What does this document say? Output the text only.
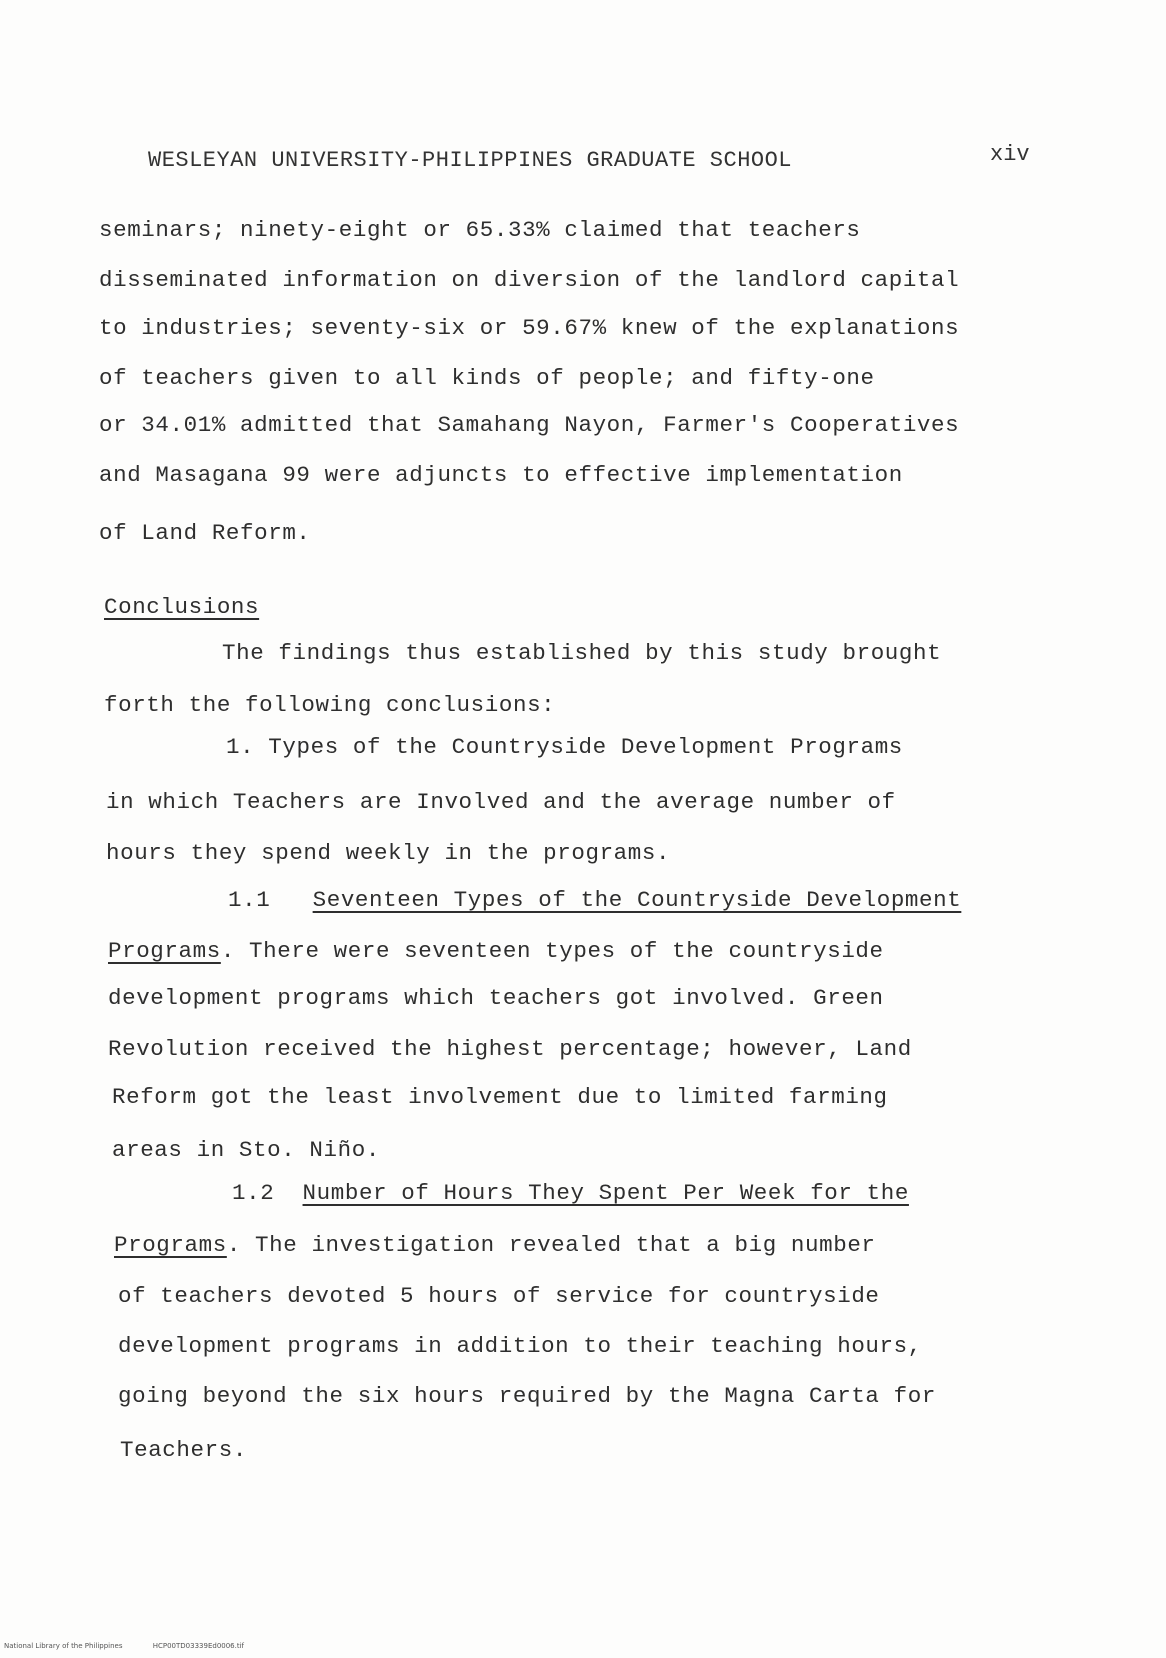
WESLEYAN UNIVERSITY-PHILIPPINES GRADUATE SCHOOL	xiv
seminars; ninety-eight or 65.33% claimed that teachers
disseminated information on diversion of the landlord capital
to industries; seventy-six or 59.67% knew of the explanations
of teachers given to all kinds of people; and fifty-one
or 34.01% admitted that Samahang Nayon, Farmer's Cooperatives
and Masagana 99 were adjuncts to effective implementation
of Land Reform.
Conclusions
The findings thus established by this study brought
forth the following conclusions:
1. Types of the Countryside Development Programs
in which Teachers are Involved and the average number of
hours they spend weekly in the programs.
1.1 Seventeen Types of the Countryside Development
Programs. There were seventeen types of the countryside
development programs which teachers got involved. Green
Revolution received the highest percentage; however, Land
Reform got the least involvement due to limited farming
areas in Sto. Niño.
1.2 Number of Hours They Spent Per Week for the
Programs. The investigation revealed that a big number
of teachers devoted 5 hours of service for countryside
development programs in addition to their teaching hours,
going beyond the six hours required by the Magna Carta for
Teachers.
National Library of the Philippines	HCP00TD03339Ed0006.tif
